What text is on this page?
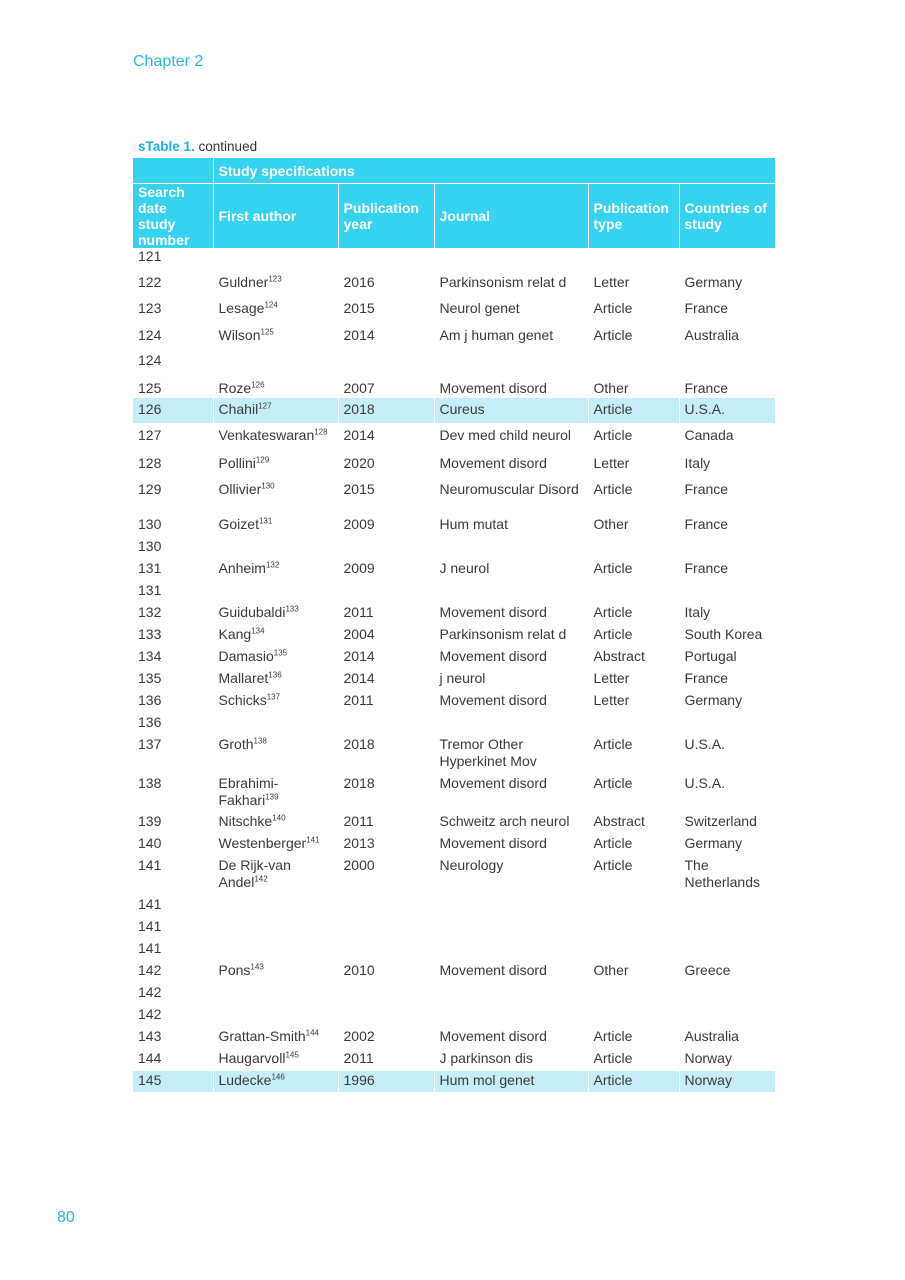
Chapter 2
sTable 1. continued
	Study specifications				
Search date study number	First author	Publication year	Journal	Publication type	Countries of study
121					
122	Guldner$^{123}$	2016	Parkinsonism relat d	Letter	Germany
123	Lesage$^{124}$	2015	Neurol genet	Article	France
124	Wilson$^{125}$	2014	Am j human genet	Article	Australia
124					
125	Roze$^{126}$	2007	Movement disord	Other	France
126	Chahil$^{127}$	2018	Cureus	Article	U.S.A.
127	Venkateswaran$^{128}$	2014	Dev med child neurol	Article	Canada
128	Pollini$^{129}$	2020	Movement disord	Letter	Italy
129	Ollivier$^{130}$	2015	Neuromuscular Disord	Article	France
130	Goizet$^{131}$	2009	Hum mutat	Other	France
130					
131	Anheim$^{132}$	2009	J neurol	Article	France
131					
132	Guidubaldi$^{133}$	2011	Movement disord	Article	Italy
133	Kang$^{134}$	2004	Parkinsonism relat d	Article	South Korea
134	Damasio$^{135}$	2014	Movement disord	Abstract	Portugal
135	Mallaret$^{136}$	2014	j neurol	Letter	France
136	Schicks$^{137}$	2011	Movement disord	Letter	Germany
136					
137	Groth$^{138}$	2018	Tremor Other Hyperkinet Mov	Article	U.S.A.
138	Ebrahimi-Fakhari$^{139}$	2018	Movement disord	Article	U.S.A.
139	Nitschke$^{140}$	2011	Schweitz arch neurol	Abstract	Switzerland
140	Westenberger$^{141}$	2013	Movement disord	Article	Germany
141	De Rijk-van Andel$^{142}$	2000	Neurology	Article	The Netherlands
141					
141					
141					
142	Pons$^{143}$	2010	Movement disord	Other	Greece
142					
142					
143	Grattan-Smith$^{144}$	2002	Movement disord	Article	Australia
144	Haugarvoll$^{145}$	2011	J parkinson dis	Article	Norway
145	Ludecke$^{146}$	1996	Hum mol genet	Article	Norway
80
